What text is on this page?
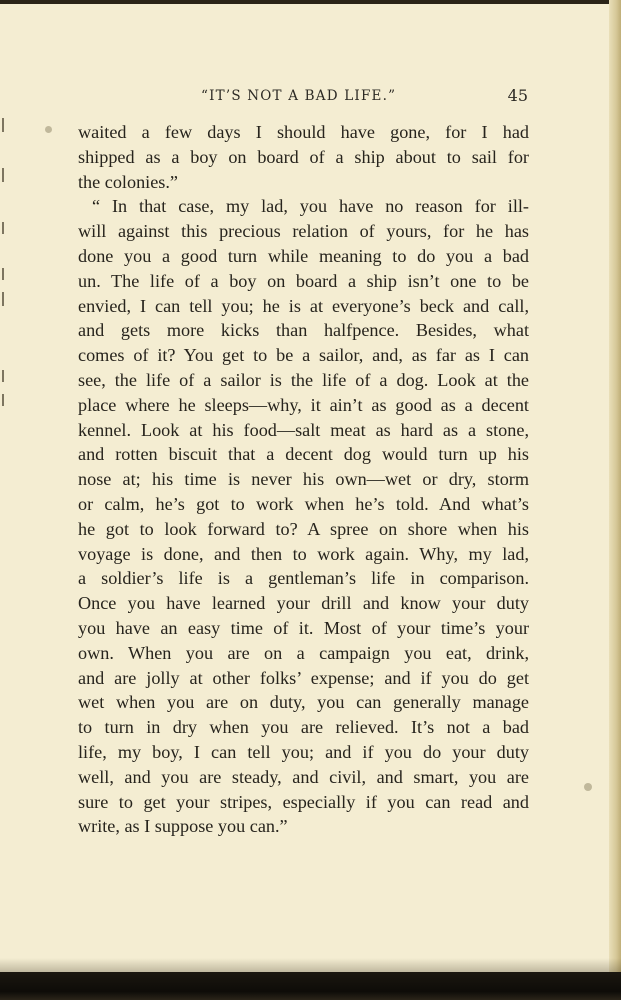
“IT’S NOT A BAD LIFE.”	45
waited a few days I should have gone, for I had
shipped as a boy on board of a ship about to sail for
the colonies.”
“ In that case, my lad, you have no reason for ill-
will against this precious relation of yours, for he has
done you a good turn while meaning to do you a bad
un. The life of a boy on board a ship isn’t one to be
envied, I can tell you; he is at everyone’s beck and call,
and gets more kicks than halfpence. Besides, what
comes of it? You get to be a sailor, and, as far as I can
see, the life of a sailor is the life of a dog. Look at the
place where he sleeps—why, it ain’t as good as a decent
kennel. Look at his food—salt meat as hard as a stone,
and rotten biscuit that a decent dog would turn up his
nose at; his time is never his own—wet or dry, storm
or calm, he’s got to work when he’s told. And what’s
he got to look forward to? A spree on shore when his
voyage is done, and then to work again. Why, my lad,
a soldier’s life is a gentleman’s life in comparison.
Once you have learned your drill and know your duty
you have an easy time of it. Most of your time’s your
own. When you are on a campaign you eat, drink,
and are jolly at other folks’ expense; and if you do get
wet when you are on duty, you can generally manage
to turn in dry when you are relieved. It’s not a bad
life, my boy, I can tell you; and if you do your duty
well, and you are steady, and civil, and smart, you are
sure to get your stripes, especially if you can read and
write, as I suppose you can.”
